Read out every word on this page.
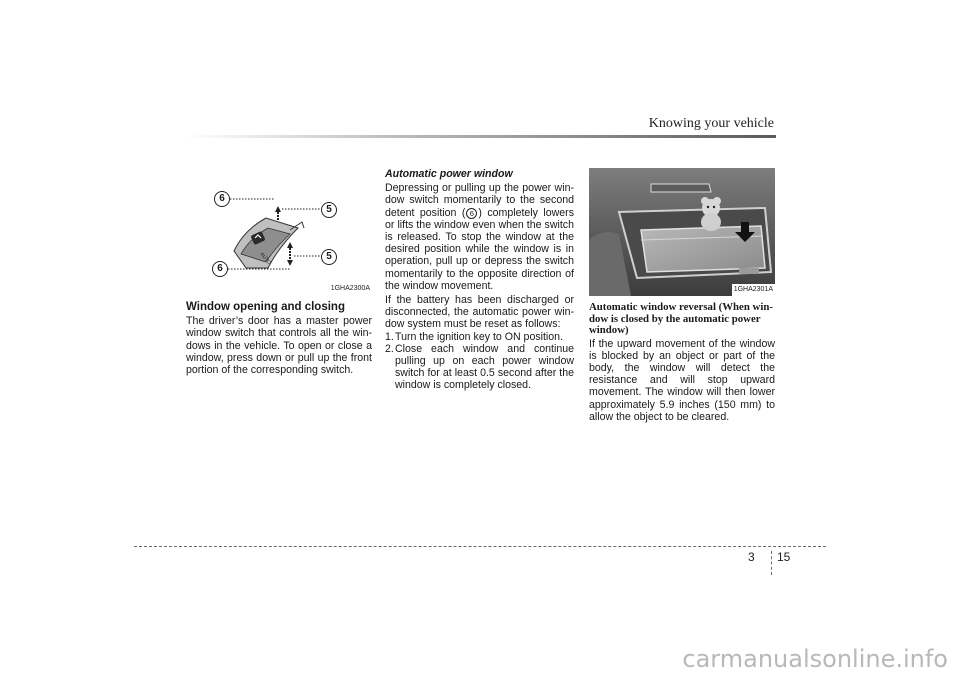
Knowing your vehicle
AUTO
6
5
5
6
1GHA2300A
Window opening and closing

The driver’s door has a master power window switch that controls all the win-dows in the vehicle. To open or close a window, press down or pull up the front portion of the corresponding switch.

Automatic power window

Depressing or pulling up the power win-dow switch momentarily to the second detent position ( 6 ) completely lowers or lifts the window even when the switch is released. To stop the window at the desired position while the window is in operation, pull up or depress the switch momentarily to the opposite direction of the window movement.

If the battery has been discharged or disconnected, the automatic power win-dow system must be reset as follows:

1. Turn the ignition key to ON position.
2. Close each window and continue pulling up on each power window switch for at least 0.5 second after the window is completely closed.
1GHA2301A
Automatic window reversal (When win-dow is closed by the automatic power window)

If the upward movement of the window is blocked by an object or part of the body, the window will detect the resistance and will stop upward movement. The window will then lower approximately 5.9 inches (150 mm) to allow the object to be cleared.

3 15
carmanualsonline.info
